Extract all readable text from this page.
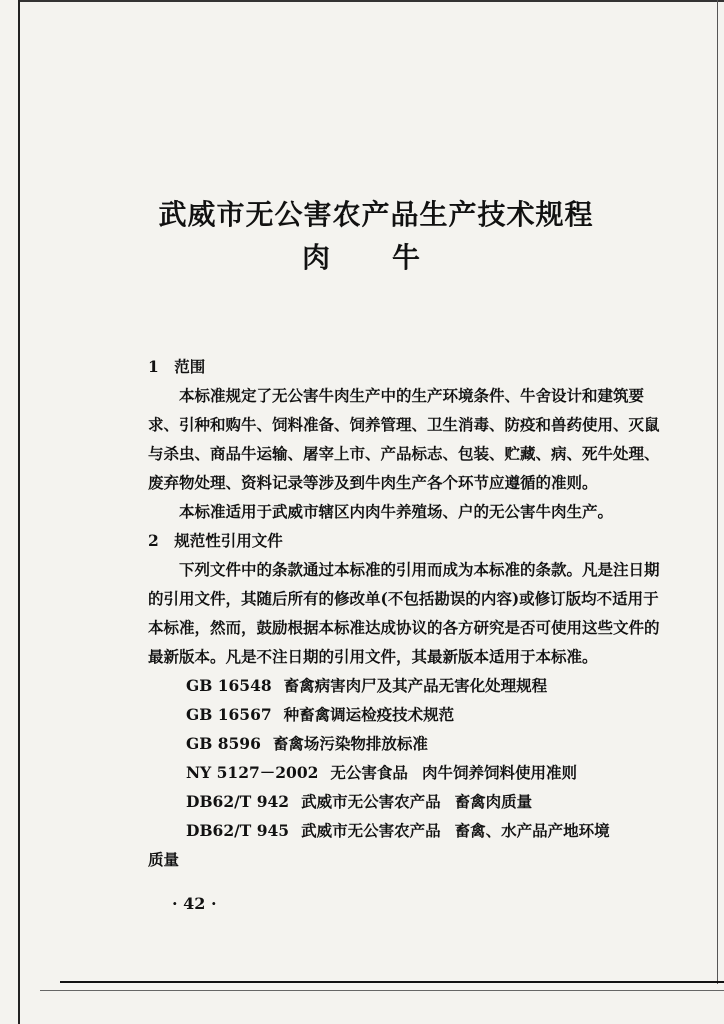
武威市无公害农产品生产技术规程
肉牛

1　范围

本标准规定了无公害牛肉生产中的生产环境条件、牛舍设计和建筑要求、引种和购牛、饲料准备、饲养管理、卫生消毒、防疫和兽药使用、灭鼠与杀虫、商品牛运输、屠宰上市、产品标志、包装、贮藏、病、死牛处理、废弃物处理、资料记录等涉及到牛肉生产各个环节应遵循的准则。

本标准适用于武威市辖区内肉牛养殖场、户的无公害牛肉生产。

2　规范性引用文件

下列文件中的条款通过本标准的引用而成为本标准的条款。凡是注日期的引用文件，其随后所有的修改单(不包括勘误的内容)或修订版均不适用于本标准，然而，鼓励根据本标准达成协议的各方研究是否可使用这些文件的最新版本。凡是不注日期的引用文件，其最新版本适用于本标准。

GB 16548 畜禽病害肉尸及其产品无害化处理规程

GB 16567 种畜禽调运检疫技术规范

GB 8596 畜禽场污染物排放标准

NY 5127－2002 无公害食品 肉牛饲养饲料使用准则

DB62/T 942 武威市无公害农产品 畜禽肉质量

DB62/T 945 武威市无公害农产品 畜禽、水产品产地环境

质量

· 42 ·
